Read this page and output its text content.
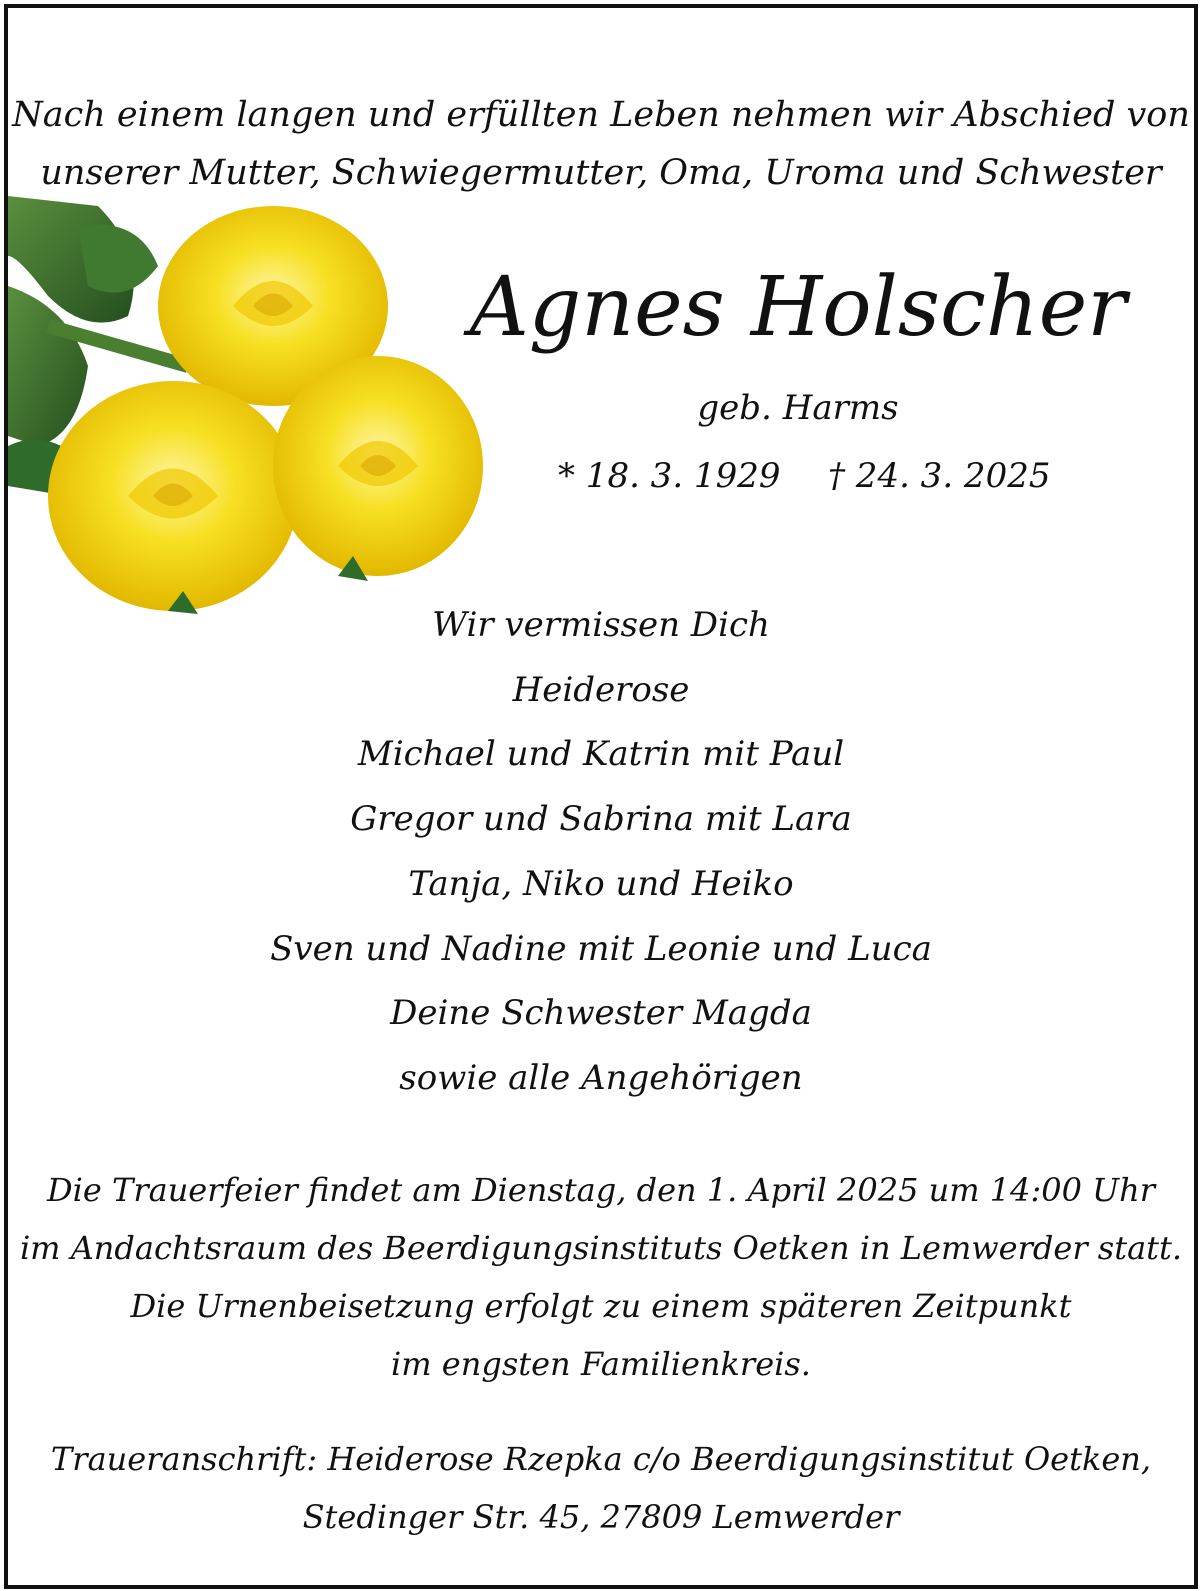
Nach einem langen und erfüllten Leben nehmen wir Abschied von
unserer Mutter, Schwiegermutter, Oma, Uroma und Schwester
Agnes Holscher
geb. Harms
* 18. 3. 1929 † 24. 3. 2025
Wir vermissen Dich
Heiderose
Michael und Katrin mit Paul
Gregor und Sabrina mit Lara
Tanja, Niko und Heiko
Sven und Nadine mit Leonie und Luca
Deine Schwester Magda
sowie alle Angehörigen
Die Trauerfeier findet am Dienstag, den 1. April 2025 um 14:00 Uhr
im Andachtsraum des Beerdigungsinstituts Oetken in Lemwerder statt.
Die Urnenbeisetzung erfolgt zu einem späteren Zeitpunkt
im engsten Familienkreis.
Traueranschrift: Heiderose Rzepka c/o Beerdigungsinstitut Oetken,
Stedinger Str. 45, 27809 Lemwerder
